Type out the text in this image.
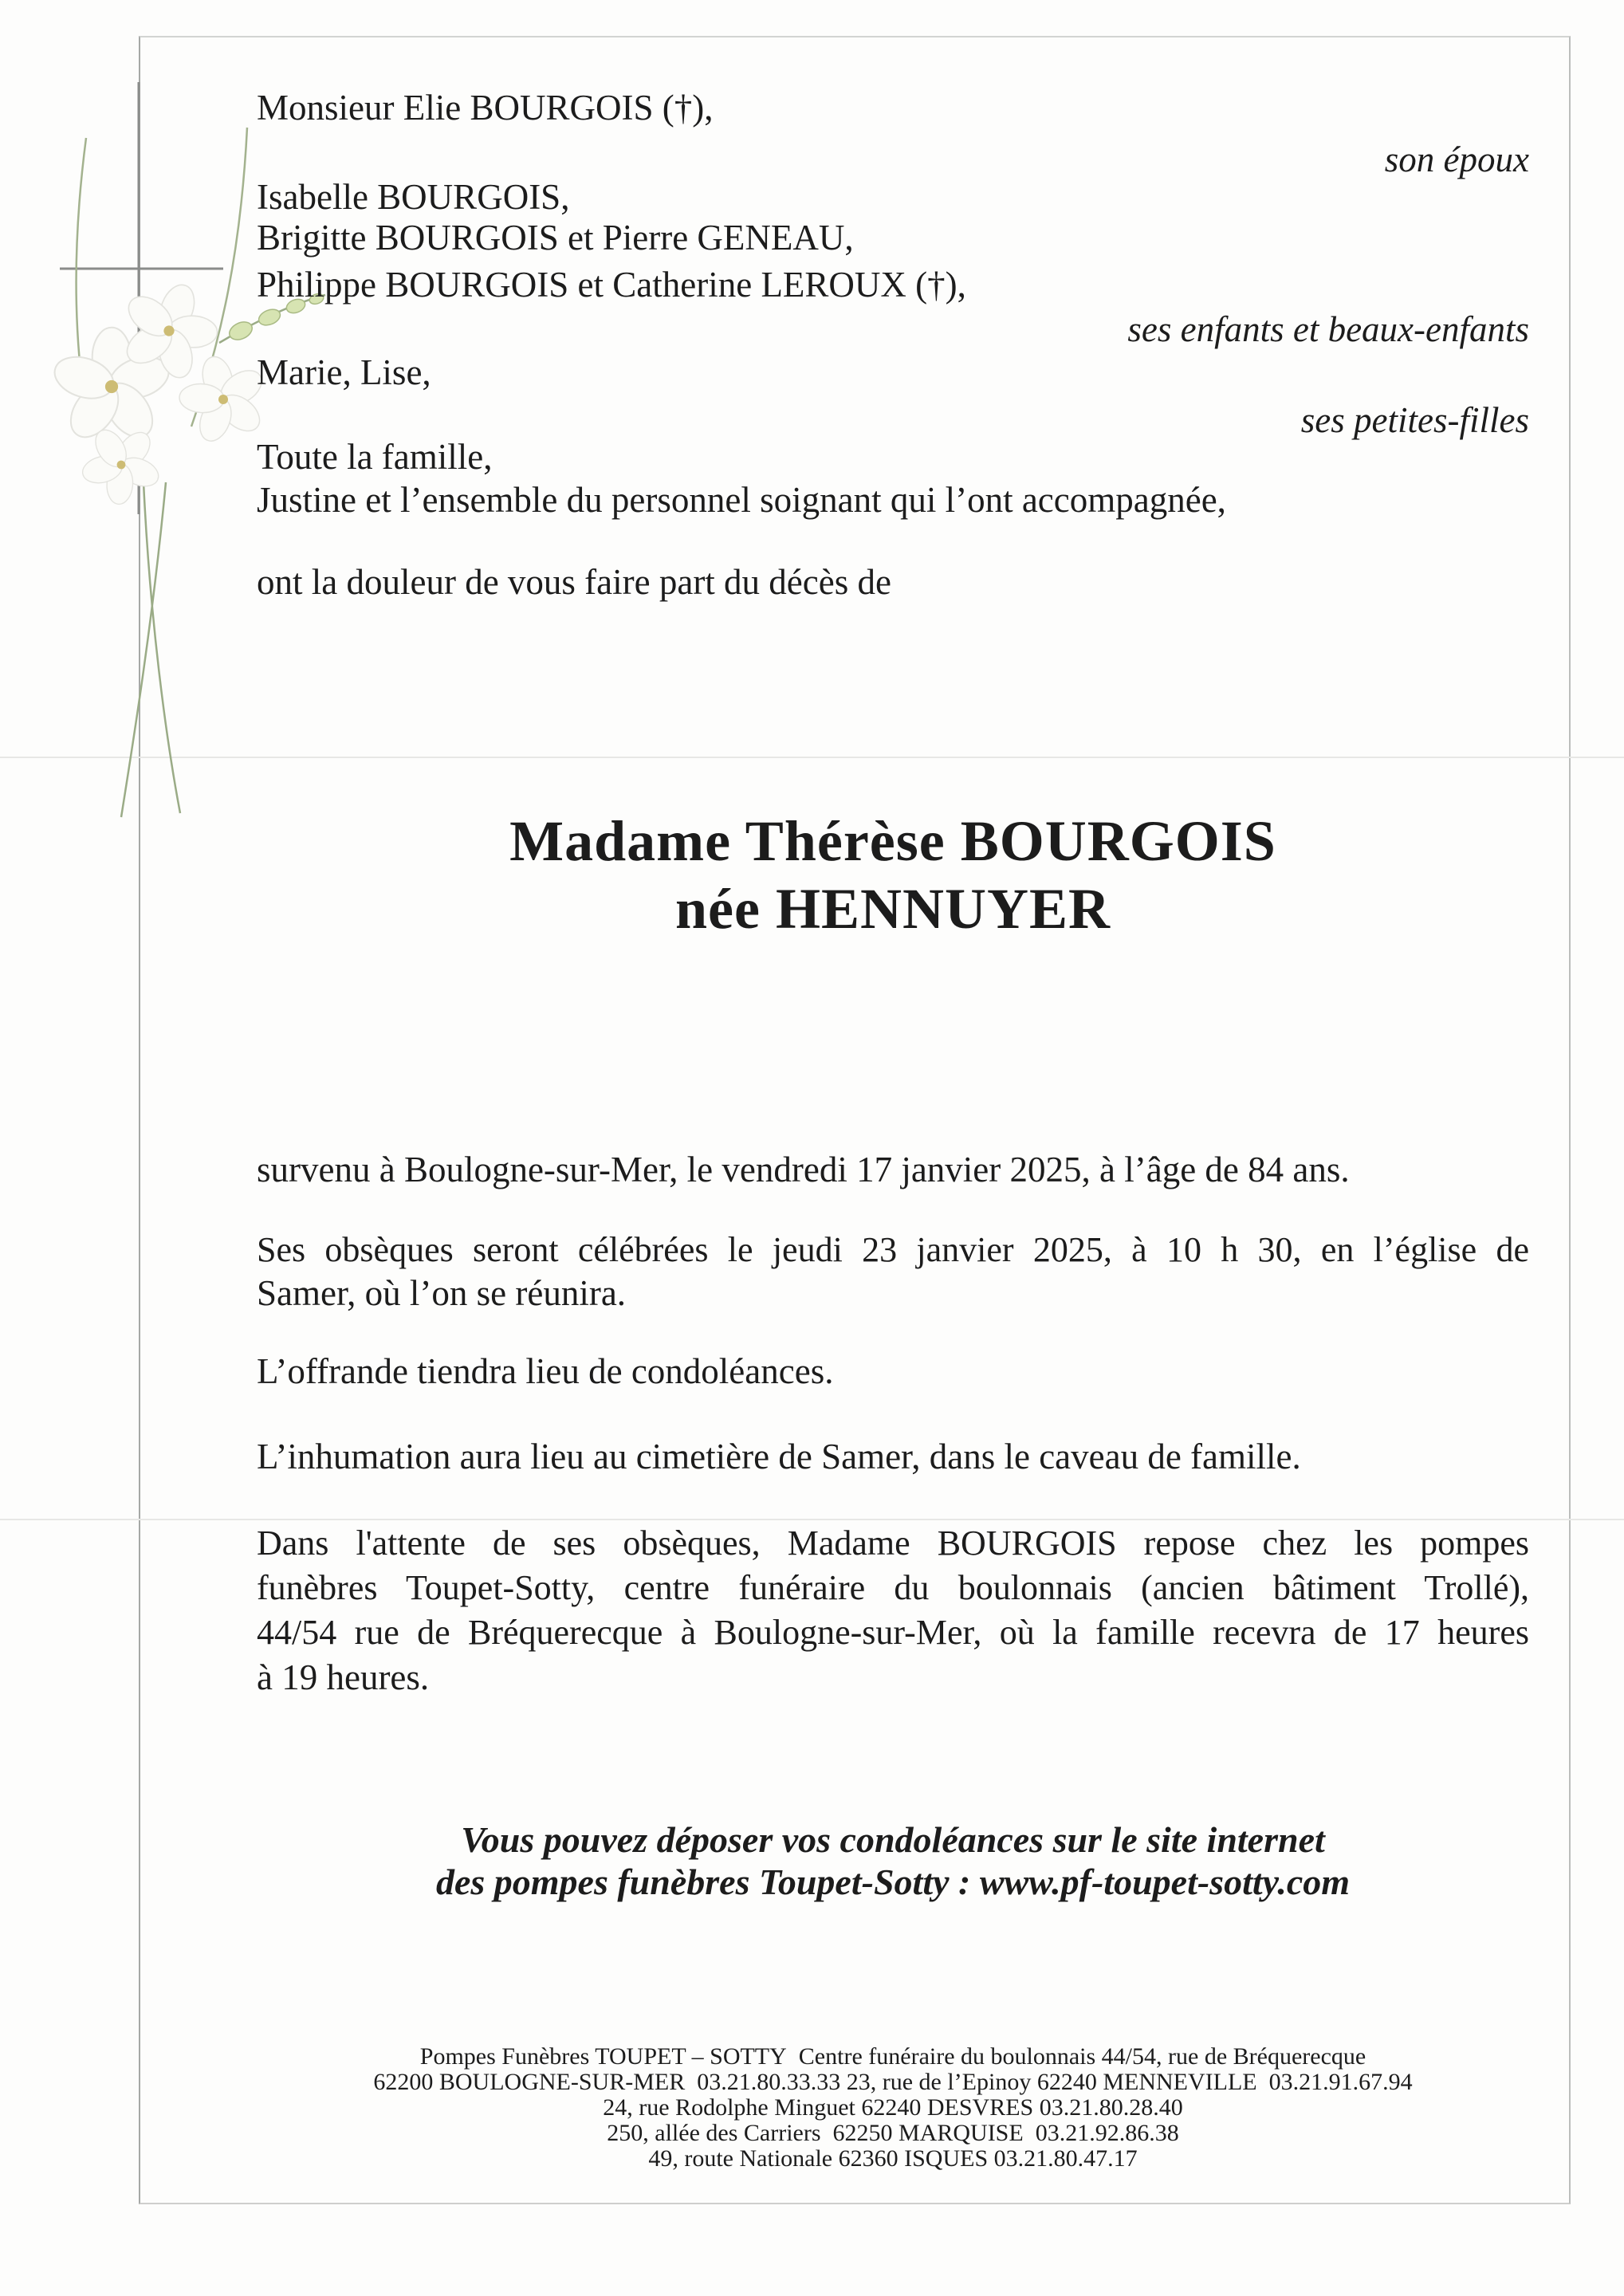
Monsieur Elie BOURGOIS (†),
son époux
Isabelle BOURGOIS,
Brigitte BOURGOIS et Pierre GENEAU,
Philippe BOURGOIS et Catherine LEROUX (†),
ses enfants et beaux-enfants
Marie, Lise,
ses petites-filles
Toute la famille,
Justine et l’ensemble du personnel soignant qui l’ont accompagnée,
ont la douleur de vous faire part du décès de
Madame Thérèse BOURGOIS
née HENNUYER
survenu à Boulogne-sur-Mer, le vendredi 17 janvier 2025, à l’âge de 84 ans.
Ses obsèques seront célébrées le jeudi 23 janvier 2025, à 10 h 30, en l’église de
Samer, où l’on se réunira.
L’offrande tiendra lieu de condoléances.
L’inhumation aura lieu au cimetière de Samer, dans le caveau de famille.
Dans l'attente de ses obsèques, Madame BOURGOIS repose chez les pompes
funèbres Toupet-Sotty, centre funéraire du boulonnais (ancien bâtiment Trollé),
44/54 rue de Bréquerecque à Boulogne-sur-Mer, où la famille recevra de 17 heures
à 19 heures.
Vous pouvez déposer vos condoléances sur le site internet
des pompes funèbres Toupet-Sotty : www.pf-toupet-sotty.com
Pompes Funèbres TOUPET – SOTTY  Centre funéraire du boulonnais 44/54, rue de Bréquerecque
62200 BOULOGNE-SUR-MER  03.21.80.33.33 23, rue de l’Epinoy 62240 MENNEVILLE  03.21.91.67.94
24, rue Rodolphe Minguet 62240 DESVRES 03.21.80.28.40
250, allée des Carriers  62250 MARQUISE  03.21.92.86.38
49, route Nationale 62360 ISQUES 03.21.80.47.17
